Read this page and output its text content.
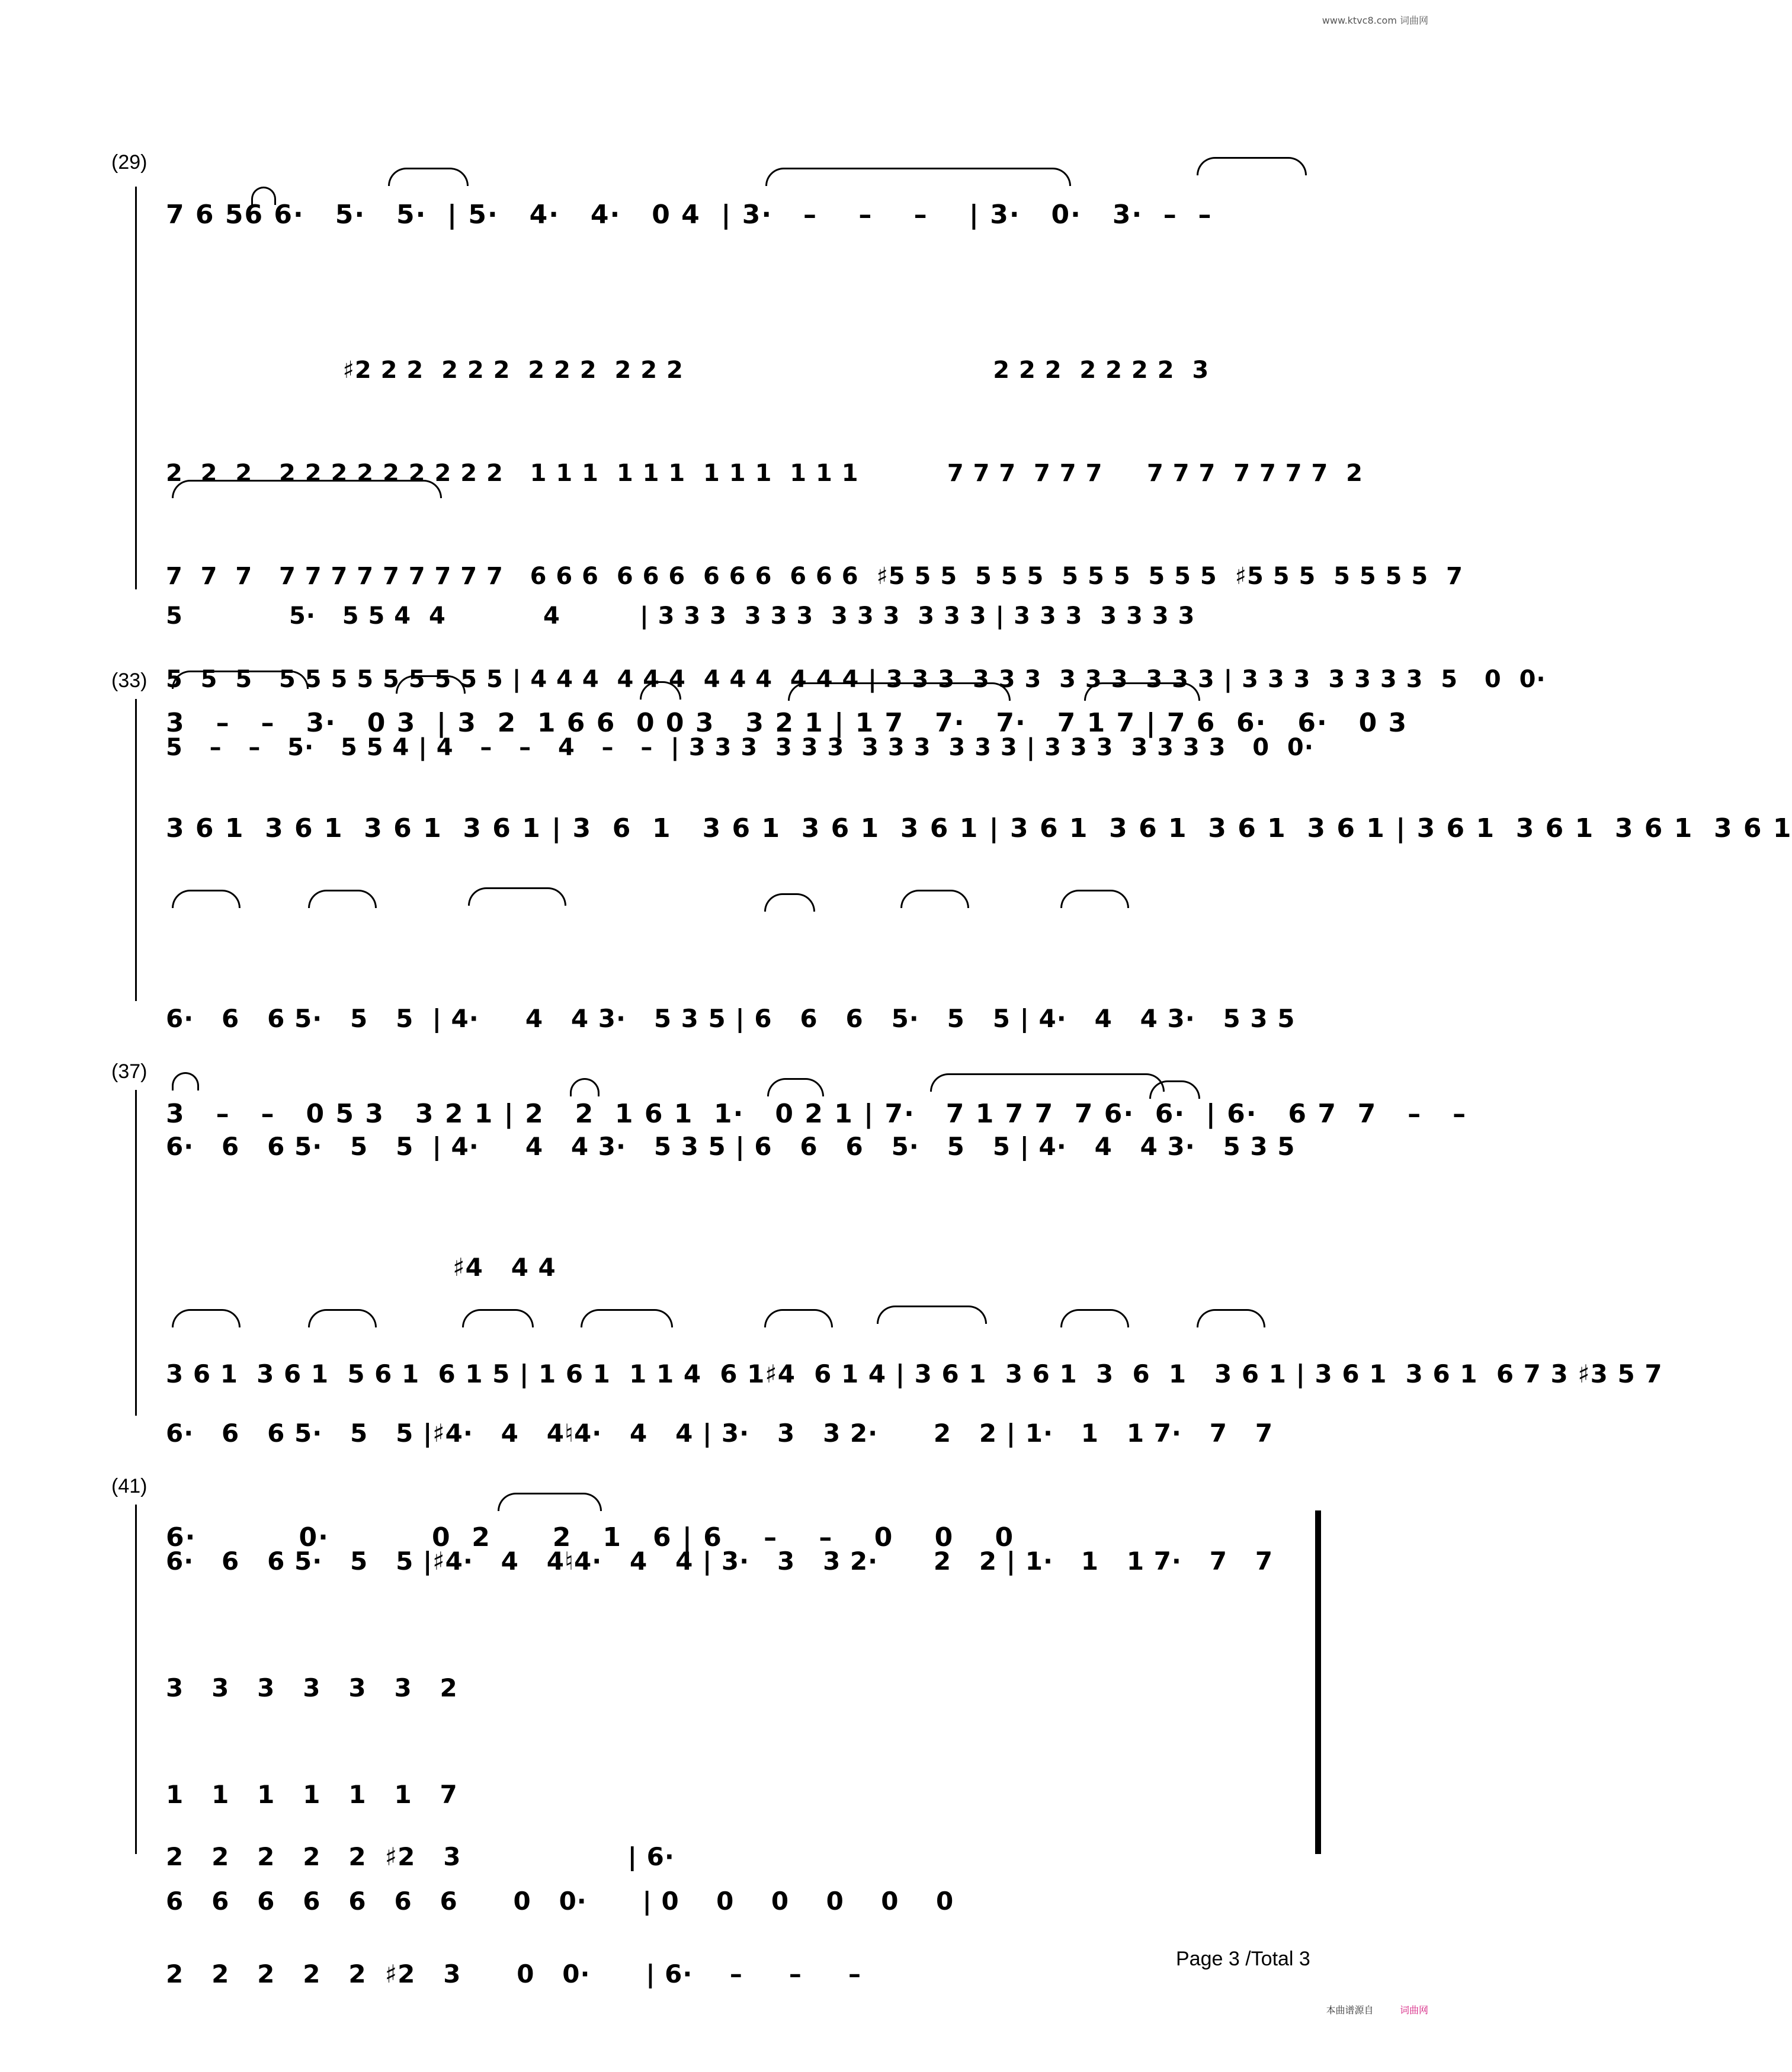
www.ktvc8.com 词曲网
(29)
7 6 56 6·   5·   5·  | 5·   4·   4·   0 4  | 3·   –    –    –    | 3·   0·   3·  –  –

♯2 2 2  2 2 2  2 2 2  2 2 2                                   2 2 2  2 2 2 2  3

2  2  2   2 2 2 2 2 2 2 2 2   1 1 1  1 1 1  1 1 1  1 1 1          7 7 7  7 7 7     7 7 7  7 7 7 7  2

7  7  7   7 7 7 7 7 7 7 7 7   6 6 6  6 6 6  6 6 6  6 6 6  ♯5 5 5  5 5 5  5 5 5  5 5 5  ♯5 5 5  5 5 5 5  7

5  5  5   5 5 5 5 5 5 5 5 5 | 4 4 4  4 4 4  4 4 4  4 4 4 | 3 3 3  3 3 3  3 3 3  3 3 3 | 3 3 3  3 3 3 3  5   0  0·

5            5·   5 5 4  4           4         | 3 3 3  3 3 3  3 3 3  3 3 3 | 3 3 3  3 3 3 3

5   –   –   5·   5 5 4 | 4   –   –   4   –   –  | 3 3 3  3 3 3  3 3 3  3 3 3 | 3 3 3  3 3 3 3   0  0·

(33)
3   –   –   3·   0 3  | 3  2  1 6 6  0 0 3   3 2 1 | 1 7   7·   7·   7 1 7 | 7 6  6·   6·   0 3
3 6 1  3 6 1  3 6 1  3 6 1 | 3  6  1   3 6 1  3 6 1  3 6 1 | 3 6 1  3 6 1  3 6 1  3 6 1 | 3 6 1  3 6 1  3 6 1  3 6 1

6·   6   6 5·   5   5  | 4·     4   4 3·   5 3 5 | 6   6   6   5·   5   5 | 4·   4   4 3·   5 3 5

6·   6   6 5·   5   5  | 4·     4   4 3·   5 3 5 | 6   6   6   5·   5   5 | 4·   4   4 3·   5 3 5

(37)
3   –   –   0 5 3   3 2 1 | 2   2  1 6 1  1·   0 2 1 | 7·   7 1 7 7  7 6·  6·  | 6·   6 7  7   –   –

♯4   4 4

3 6 1  3 6 1  5 6 1  6 1 5 | 1 6 1  1 1 4  6 1♯4  6 1 4 | 3 6 1  3 6 1  3  6  1   3 6 1 | 3 6 1  3 6 1  6 7 3 ♯3 5 7

6·   6   6 5·   5   5 |♯4·   4   4♮4·   4   4 | 3·   3   3 2·      2   2 | 1·   1   1 7·   7   7

6·   6   6 5·   5   5 |♯4·   4   4♮4·   4   4 | 3·   3   3 2·      2   2 | 1·   1   1 7·   7   7

(41)
6·          0·          0  2      2   1   6 | 6    –    –    0    0    0

3   3   3   3   3   3   2

1   1   1   1   1   1   7

6   6   6   6   6   6   6      0   0·      | 0    0    0    0    0    0

2   2   2   2   2  ♯2   3                  | 6·

2   2   2   2   2  ♯2   3      0   0·      | 6·    –     –     –

Page 3 /Total 3
本曲谱源自	词曲网
